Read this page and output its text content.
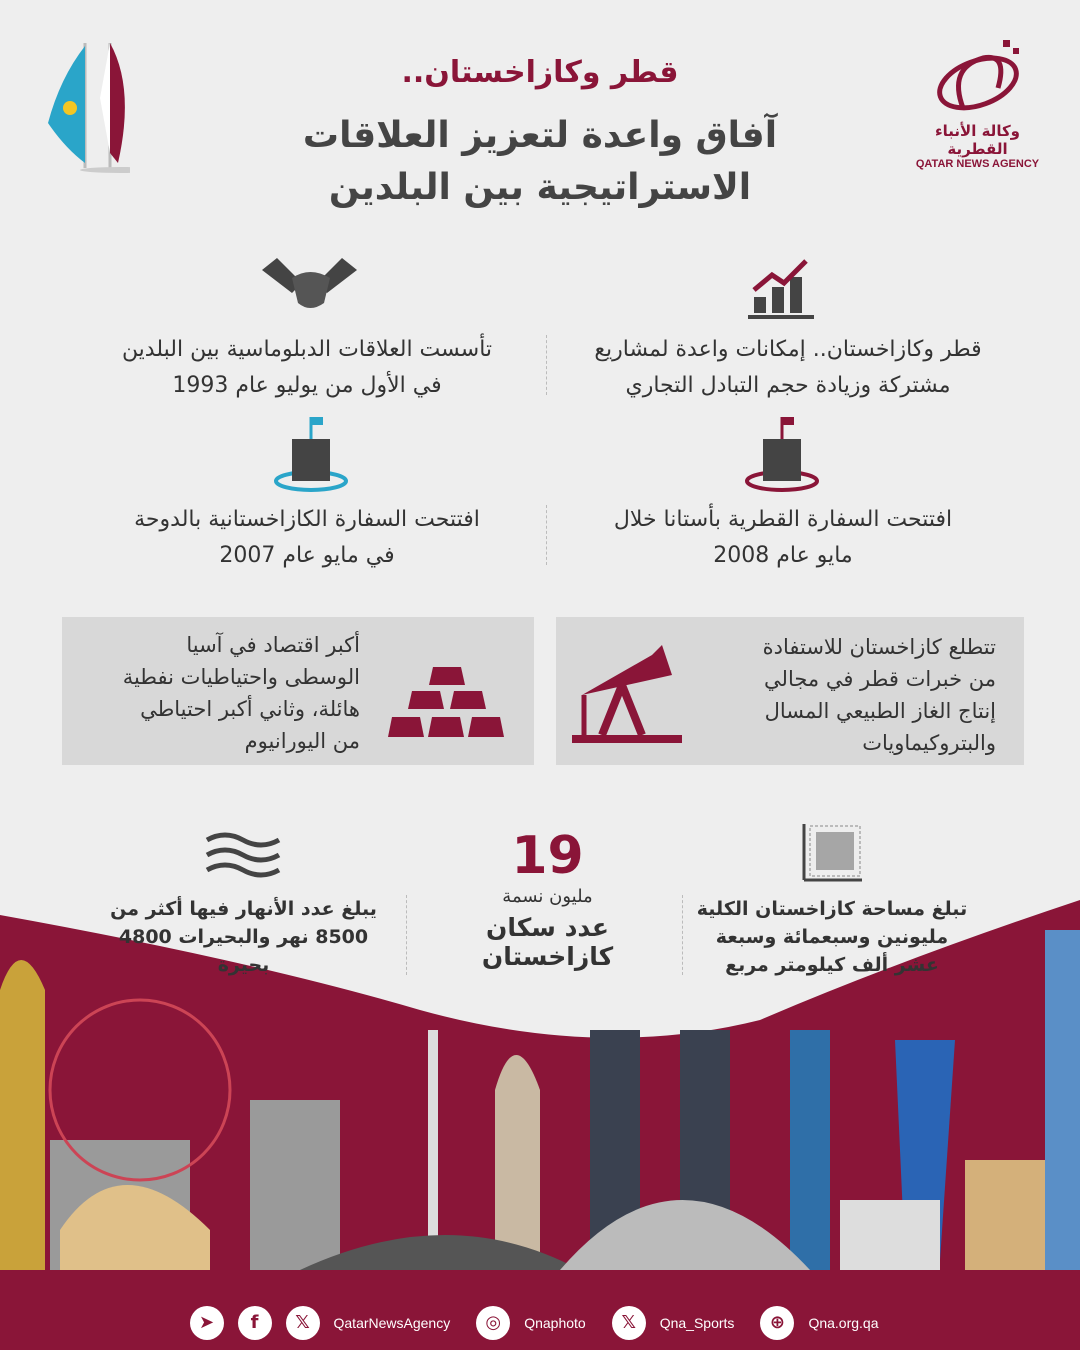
قطر وكازاخستان..
آفاق واعدة لتعزيز العلاقات
الاستراتيجية بين البلدين
وكالة الأنباء القطرية
QATAR NEWS AGENCY
قطر وكازاخستان.. إمكانات واعدة لمشاريع
مشتركة وزيادة حجم التبادل التجاري
تأسست العلاقات الدبلوماسية بين البلدين
في الأول من يوليو عام 1993
افتتحت السفارة القطرية بأستانا خلال
مايو عام 2008
افتتحت السفارة الكازاخستانية بالدوحة
في مايو عام 2007
تتطلع كازاخستان للاستفادة
من خبرات قطر في مجالي
إنتاج الغاز الطبيعي المسال
والبتروكيماويات
أكبر اقتصاد في آسيا
الوسطى واحتياطيات نفطية
هائلة، وثاني أكبر احتياطي
من اليورانيوم
تبلغ مساحة كازاخستان الكلية
مليونين وسبعمائة وسبعة
عشر ألف كيلومتر مربع
19
مليون نسمة
عدد سكان كازاخستان
يبلغ عدد الأنهار فيها أكثر من
8500 نهر والبحيرات 4800
بحيرة
➤	f	𝕏	QatarNewsAgency	◎	Qnaphoto	𝕏	Qna_Sports	⊕	Qna.org.qa
